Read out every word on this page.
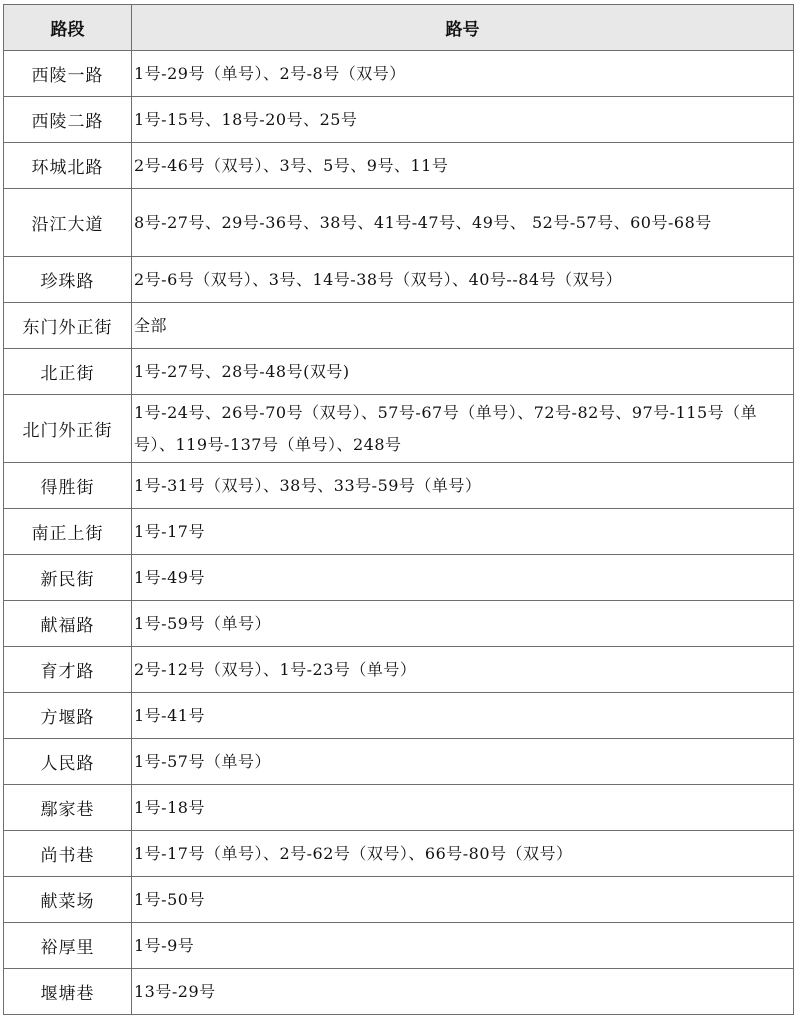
路段	路号
西陵一路	1号-29号（单号）、2号-8号（双号）
西陵二路	1号-15号、18号-20号、25号
环城北路	2号-46号（双号）、3号、5号、9号、11号
沿江大道	8号-27号、29号-36号、38号、41号-47号、49号、 52号-57号、60号-68号
珍珠路	2号-6号（双号）、3号、14号-38号（双号）、40号--84号（双号）
东门外正街	全部
北正街	1号-27号、28号-48号(双号)
北门外正街	1号-24号、26号-70号（双号）、57号-67号（单号）、72号-82号、97号-115号（单号）、119号-137号（单号）、248号
得胜街	1号-31号（双号）、38号、33号-59号（单号）
南正上街	1号-17号
新民街	1号-49号
献福路	1号-59号（单号）
育才路	2号-12号（双号）、1号-23号（单号）
方堰路	1号-41号
人民路	1号-57号（单号）
鄢家巷	1号-18号
尚书巷	1号-17号（单号）、2号-62号（双号）、66号-80号（双号）
献菜场	1号-50号
裕厚里	1号-9号
堰塘巷	13号-29号
